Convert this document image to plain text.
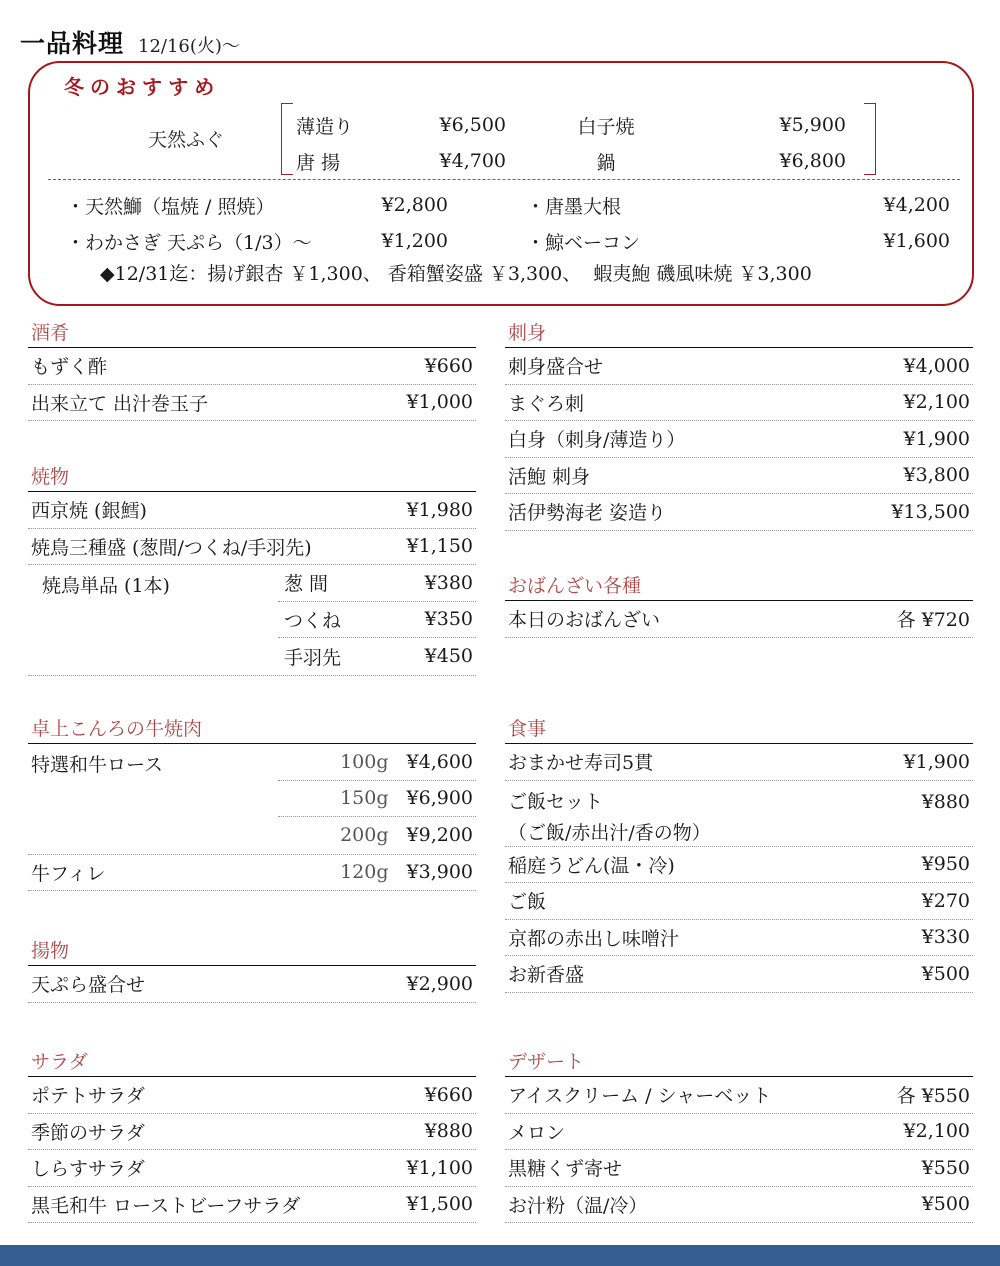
一品料理 12/16(火)〜
冬のおすすめ
天然ふぐ
薄造り	¥6,500	白子焼	¥5,900
唐 揚	¥4,700	鍋	¥6,800
・天然鰤（塩焼 / 照焼）	¥2,800	・唐墨大根	¥4,200
・わかさぎ 天ぷら（1/3）〜	¥1,200	・鯨ベーコン	¥1,600
◆12/31迄：揚げ銀杏 ￥1,300、 香箱蟹姿盛 ￥3,300、  蝦夷鮑 磯風味焼 ￥3,300
酒肴
もずく酢	¥660
出来立て 出汁巻玉子	¥1,000
焼物
西京焼 (銀鱈)	¥1,980
焼鳥三種盛 (葱間/つくね/手羽先)	¥1,150
焼鳥単品 (1本)	葱 間	¥380
つくね	¥350
手羽先	¥450
卓上こんろの牛焼肉
特選和牛ロース	100g ¥4,600
150g ¥6,900
200g ¥9,200
牛フィレ	120g ¥3,900
揚物
天ぷら盛合せ	¥2,900
サラダ
ポテトサラダ	¥660
季節のサラダ	¥880
しらすサラダ	¥1,100
黒毛和牛 ローストビーフサラダ	¥1,500
刺身
刺身盛合せ	¥4,000
まぐろ刺	¥2,100
白身（刺身/薄造り）	¥1,900
活鮑 刺身	¥3,800
活伊勢海老 姿造り	¥13,500
おばんざい各種
本日のおばんざい	各 ¥720
食事
おまかせ寿司5貫	¥1,900
ご飯セット
（ご飯/赤出汁/香の物）
¥880
稲庭うどん(温・冷)	¥950
ご飯	¥270
京都の赤出し味噌汁	¥330
お新香盛	¥500
デザート
アイスクリーム / シャーベット	各 ¥550
メロン	¥2,100
黒糖くず寄せ	¥550
お汁粉（温/冷）	¥500
